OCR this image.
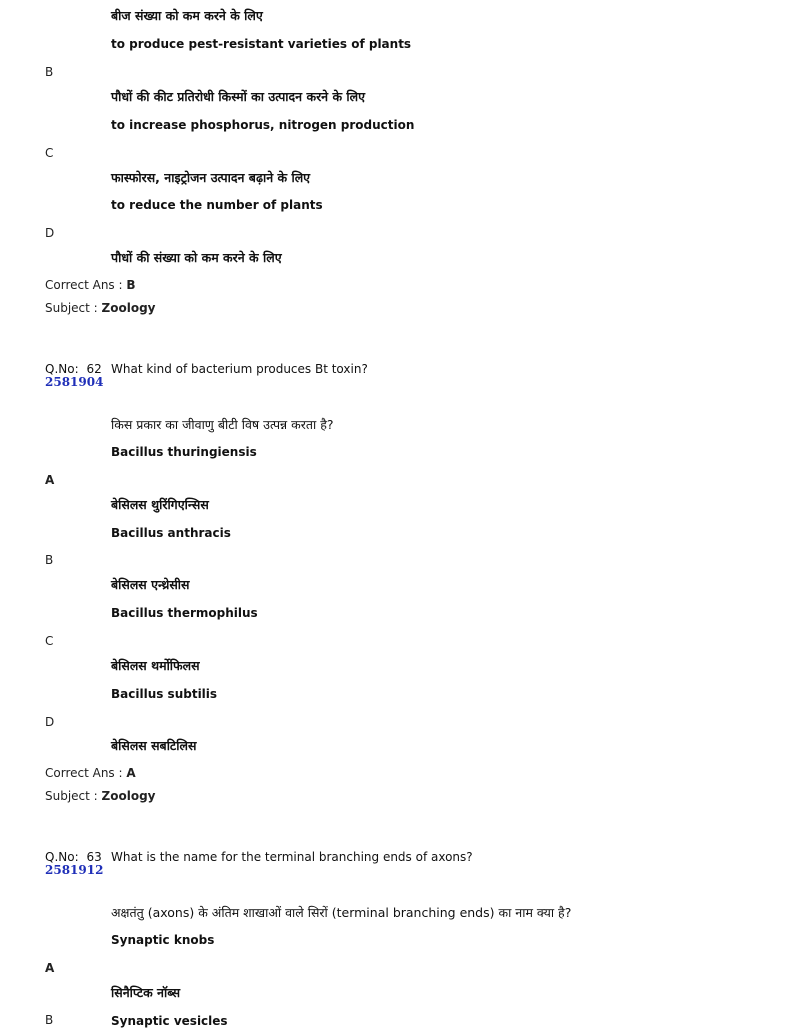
बीज संख्या को कम करने के लिए
to produce pest-resistant varieties of plants
B
पौधों की कीट प्रतिरोधी किस्मों का उत्पादन करने के लिए
to increase phosphorus, nitrogen production
C
फास्फोरस, नाइट्रोजन उत्पादन बढ़ाने के लिए
to reduce the number of plants
D
पौधों की संख्या को कम करने के लिए
Correct Ans : B
Subject : Zoology
Q.No: 62 What kind of bacterium produces Bt toxin?
2581904
किस प्रकार का जीवाणु बीटी विष उत्पन्न करता है?
Bacillus thuringiensis
A
बेसिलस थुरिंगिएन्सिस
Bacillus anthracis
B
बेसिलस एन्थ्रेसीस
Bacillus thermophilus
C
बेसिलस थर्मोफिलस
Bacillus subtilis
D
बेसिलस सबटिलिस
Correct Ans : A
Subject : Zoology
Q.No: 63 What is the name for the terminal branching ends of axons?
2581912
अक्षतंतु (axons) के अंतिम शाखाओं वाले सिरों (terminal branching ends) का नाम क्या है?
Synaptic knobs
A
सिनैप्टिक नॉब्स
B	Synaptic vesicles
